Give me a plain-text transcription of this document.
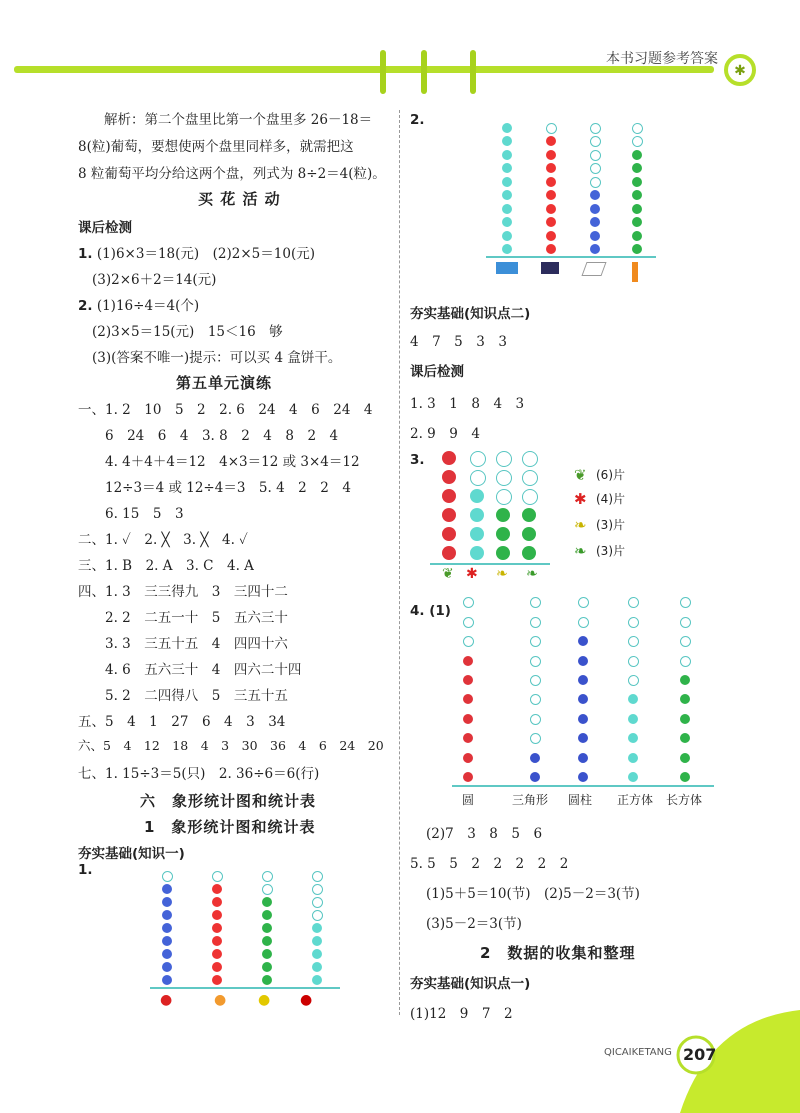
✱
本书习题参考答案
解析：第二个盘里比第一个盘里多 26－18＝
8(粒)葡萄，要想使两个盘里同样多，就需把这
8 粒葡萄平均分给这两个盘，列式为 8÷2＝4(粒)。
买 花 活 动
课后检测
1. (1)6×3＝18(元)　(2)2×5＝10(元)
(3)2×6＋2＝14(元)
2. (1)16÷4＝4(个)
(2)3×5＝15(元)　15＜16　够
(3)(答案不唯一)提示：可以买 4 盒饼干。
第五单元演练
一、1. 2　10　5　2　2. 6　24　4　6　24　4
　　6　24　6　4　3. 8　2　4　8　2　4
　　4. 4＋4＋4＝12　4×3＝12 或 3×4＝12
　　12÷3＝4 或 12÷4＝3　5. 4　2　2　4
　　6. 15　5　3
二、1. ✓　2. ╳　3. ╳　4. ✓
三、1. B　2. A　3. C　4. A
四、1. 3　三三得九　3　三四十二
　　2. 2　二五一十　5　五六三十
　　3. 3　三五十五　4　四四十六
　　4. 6　五六三十　4　四六二十四
　　5. 2　二四得八　5　三五十五
五、5　4　1　27　6　4　3　34
六、5　4　12　18　4　3　30　36　4　6　24　20
七、1. 15÷3＝5(只)　2. 36÷6＝6(行)
六　象形统计图和统计表
1　象形统计图和统计表
夯实基础(知识一)
1.
●	● ● ●
2.
夯实基础(知识点二)
4　7　5　3　3
课后检测
1. 3　1　8　4　3
2. 9　9　4
3.
❦ ✱ ❧ ❧
❦ (6)片
✱ (4)片
❧ (3)片
❧ (3)片
4. (1)
圆	三角形 圆柱 正方体 长方体
(2)7　3　8　5　6
5. 5　5　2　2　2　2　2
(1)5＋5＝10(节)　(2)5－2＝3(节)
(3)5－2＝3(节)
2　数据的收集和整理
夯实基础(知识点一)
(1)12　9　7　2
QICAIKETANG 207
